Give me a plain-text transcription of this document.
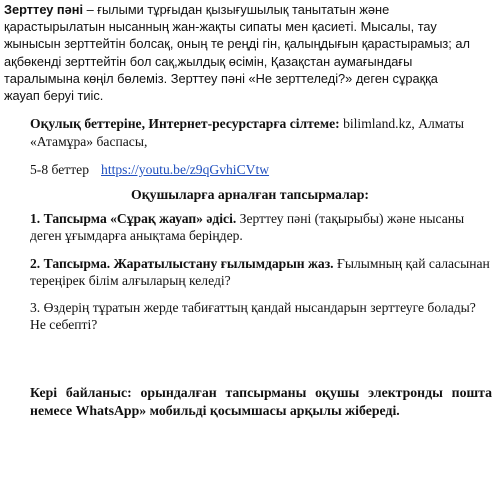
Зерттеу пәні – ғылыми тұрғыдан қызығушылық танытатын және қарастырылатын нысанның жан-жақты сипаты мен қасиеті. Мысалы, тау жынысын зерттейтін болсақ, оның те реңді гін, қалыңдығын қарастырамыз; ал ақбөкенді зерттейтін бол сақ,жылдық өсімін, Қазақстан аумағындағы таралымына көңіл бөлеміз. Зерттеу пәні «Не зерттеледі?» деген сұраққа жауап беруі тиіс.
Оқулық беттеріне, Интернет-ресурстарға сілтеме: bilimland.kz, Алматы «Атамұра» баспасы,
5-8 беттер https://youtu.be/z9qGvhiCVtw
Оқушыларға арналған тапсырмалар:
1. Тапсырма «Сұрақ жауап» әдісі. Зерттеу пәні (тақырыбы) және нысаны деген ұғымдарға анықтама беріңдер.
2. Тапсырма. Жаратылыстану ғылымдарын жаз. Ғылымның қай саласынан тереңірек білім алғыларың келеді?
3. Өздерің тұратын жерде табиғаттың қандай нысандарын зерттеуге болады? Не себепті?
Кері байланыс: орындалған тапсырманы оқушы электронды пошта немесе WhatsApp» мобильді қосымшасы арқылы жібереді.
